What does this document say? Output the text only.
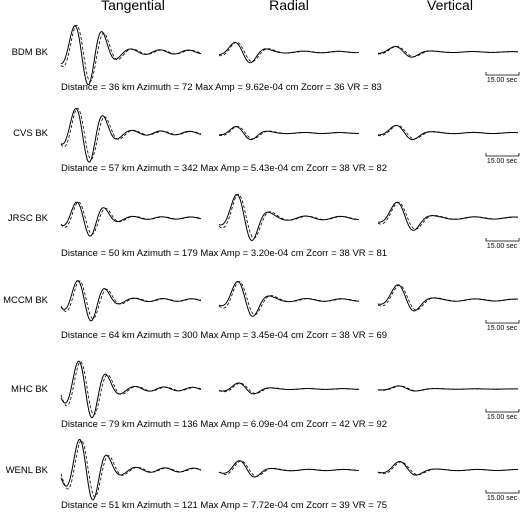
Tangential	Radial	Vertical
BDM BK
Distance = 36 km Azimuth = 72 Max Amp = 9.62e-04 cm Zcorr = 36 VR = 83
15.00 sec
CVS BK
Distance = 57 km Azimuth = 342 Max Amp = 5.43e-04 cm Zcorr = 38 VR = 82
15.00 sec
JRSC BK
Distance = 50 km Azimuth = 179 Max Amp = 3.20e-04 cm Zcorr = 38 VR = 81
15.00 sec
MCCM BK
Distance = 64 km Azimuth = 300 Max Amp = 3.45e-04 cm Zcorr = 38 VR = 69
15.00 sec
MHC BK
Distance = 79 km Azimuth = 136 Max Amp = 6.09e-04 cm Zcorr = 42 VR = 92
15.00 sec
WENL BK
Distance = 51 km Azimuth = 121 Max Amp = 7.72e-04 cm Zcorr = 39 VR = 75
15.00 sec
